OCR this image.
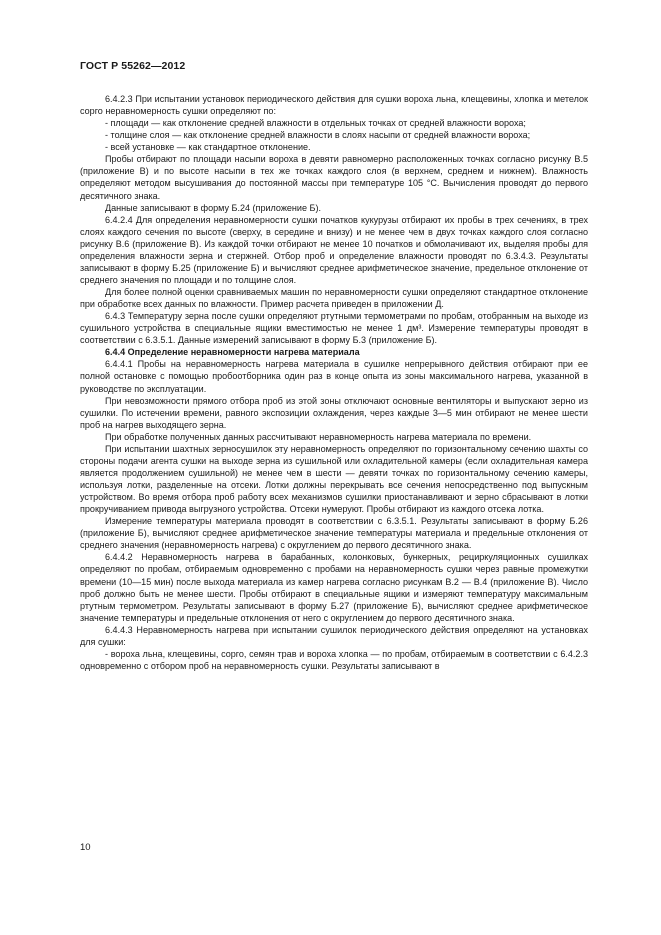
ГОСТ Р 55262—2012

6.4.2.3 При испытании установок периодического действия для сушки вороха льна, клещевины, хлопка и метелок сорго неравномерность сушки определяют по:

- площади — как отклонение средней влажности в отдельных точках от средней влажности вороха;

- толщине слоя — как отклонение средней влажности в слоях насыпи от средней влажности вороха;

- всей установке — как стандартное отклонение.

Пробы отбирают по площади насыпи вороха в девяти равномерно расположенных точках согласно рисунку В.5 (приложение В) и по высоте насыпи в тех же точках каждого слоя (в верхнем, среднем и нижнем). Влажность определяют методом высушивания до постоянной массы при температуре 105 °С. Вычисления проводят до первого десятичного знака.

Данные записывают в форму Б.24 (приложение Б).

6.4.2.4 Для определения неравномерности сушки початков кукурузы отбирают их пробы в трех сечениях, в трех слоях каждого сечения по высоте (сверху, в середине и внизу) и не менее чем в двух точках каждого слоя согласно рисунку В.6 (приложение В). Из каждой точки отбирают не менее 10 початков и обмолачивают их, выделяя пробы для определения влажности зерна и стержней. Отбор проб и определение влажности проводят по 6.3.4.3. Результаты записывают в форму Б.25 (приложение Б) и вычисляют среднее арифметическое значение, предельное отклонение от среднего значения по площади и по толщине слоя.

Для более полной оценки сравниваемых машин по неравномерности сушки определяют стандартное отклонение при обработке всех данных по влажности. Пример расчета приведен в приложении Д.

6.4.3 Температуру зерна после сушки определяют ртутными термометрами по пробам, отобранным на выходе из сушильного устройства в специальные ящики вместимостью не менее 1 дм³. Измерение температуры проводят в соответствии с 6.3.5.1. Данные измерений записывают в форму Б.3 (приложение Б).

6.4.4 Определение неравномерности нагрева материала

6.4.4.1 Пробы на неравномерность нагрева материала в сушилке непрерывного действия отбирают при ее полной остановке с помощью пробоотборника один раз в конце опыта из зоны максимального нагрева, указанной в руководстве по эксплуатации.

При невозможности прямого отбора проб из этой зоны отключают основные вентиляторы и выпускают зерно из сушилки. По истечении времени, равного экспозиции охлаждения, через каждые 3—5 мин отбирают не менее шести проб на нагрев выходящего зерна.

При обработке полученных данных рассчитывают неравномерность нагрева материала по времени.

При испытании шахтных зерносушилок эту неравномерность определяют по горизонтальному сечению шахты со стороны подачи агента сушки на выходе зерна из сушильной или охладительной камеры (если охладительная камера является продолжением сушильной) не менее чем в шести — девяти точках по горизонтальному сечению камеры, используя лотки, разделенные на отсеки. Лотки должны перекрывать все сечения непосредственно под выпускным устройством. Во время отбора проб работу всех механизмов сушилки приостанавливают и зерно сбрасывают в лотки прокручиванием привода выгрузного устройства. Отсеки нумеруют. Пробы отбирают из каждого отсека лотка.

Измерение температуры материала проводят в соответствии с 6.3.5.1. Результаты записывают в форму Б.26 (приложение Б), вычисляют среднее арифметическое значение температуры материала и предельные отклонения от среднего значения (неравномерность нагрева) с округлением до первого десятичного знака.

6.4.4.2 Неравномерность нагрева в барабанных, колонковых, бункерных, рециркуляционных сушилках определяют по пробам, отбираемым одновременно с пробами на неравномерность сушки через равные промежутки времени (10—15 мин) после выхода материала из камер нагрева согласно рисункам В.2 — В.4 (приложение В). Число проб должно быть не менее шести. Пробы отбирают в специальные ящики и измеряют температуру максимальным ртутным термометром. Результаты записывают в форму Б.27 (приложение Б), вычисляют среднее арифметическое значение температуры и предельные отклонения от него с округлением до первого десятичного знака.

6.4.4.3 Неравномерность нагрева при испытании сушилок периодического действия определяют на установках для сушки:

- вороха льна, клещевины, сорго, семян трав и вороха хлопка — по пробам, отбираемым в соответствии с 6.4.2.3 одновременно с отбором проб на неравномерность сушки. Результаты записывают в

10
